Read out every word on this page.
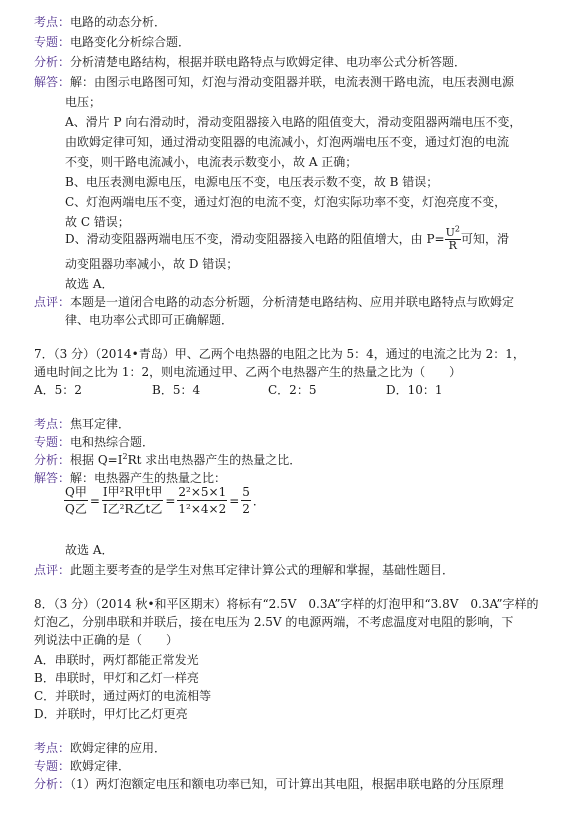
考点：电路的动态分析．
专题：电路变化分析综合题．
分析：分析清楚电路结构，根据并联电路特点与欧姆定律、电功率公式分析答题．
解答：解：由图示电路图可知，灯泡与滑动变阻器并联，电流表测干路电流，电压表测电源
电压；
A、滑片 P 向右滑动时，滑动变阻器接入电路的阻值变大，滑动变阻器两端电压不变，
由欧姆定律可知，通过滑动变阻器的电流减小，灯泡两端电压不变，通过灯泡的电流
不变，则干路电流减小，电流表示数变小，故 A 正确；
B、电压表测电源电压，电源电压不变，电压表示数不变，故 B 错误；
C、灯泡两端电压不变，通过灯泡的电流不变，灯泡实际功率不变，灯泡亮度不变，
故 C 错误；
D、滑动变阻器两端电压不变，滑动变阻器接入电路的阻值增大，由 $P= \frac{U^2}{R}$ 可知，滑
动变阻器功率减小，故 D 错误；
故选 A．
点评：本题是一道闭合电路的动态分析题，分析清楚电路结构、应用并联电路特点与欧姆定
律、电功率公式即可正确解题．
7．（3 分）（2014•青岛）甲、乙两个电热器的电阻之比为 5：4，通过的电流之比为 2：1，
通电时间之比为 1：2，则电流通过甲、乙两个电热器产生的热量之比为（　　）
A．5：2	B．5：4	C．2：5	D．10：1
考点：焦耳定律．
专题：电和热综合题．
分析：根据 $Q=I^2Rt$ 求出电热器产生的热量之比．
解答：解：电热器产生的热量之比：
$\frac{\text{Q甲}}{\text{Q乙}} = \frac{\text{I甲²R甲t甲}}{\text{I乙²R乙t乙}} = \frac{\text{2²×5×1}}{\text{1²×4×2}} = \frac{5}{2}$ ．
故选 A．
点评：此题主要考查的是学生对焦耳定律计算公式的理解和掌握，基础性题目．
8．（3 分）（2014 秋•和平区期末）将标有“2.5V　0.3A”字样的灯泡甲和“3.8V　0.3A”字样的
灯泡乙，分别串联和并联后，接在电压为 2.5V 的电源两端，不考虑温度对电阻的影响，下
列说法中正确的是（　　）
A．串联时，两灯都能正常发光
B．串联时，甲灯和乙灯一样亮
C．并联时，通过两灯的电流相等
D．并联时，甲灯比乙灯更亮
考点：欧姆定律的应用．
专题：欧姆定律．
分析：（1）两灯泡额定电压和额电功率已知，可计算出其电阻，根据串联电路的分压原理
